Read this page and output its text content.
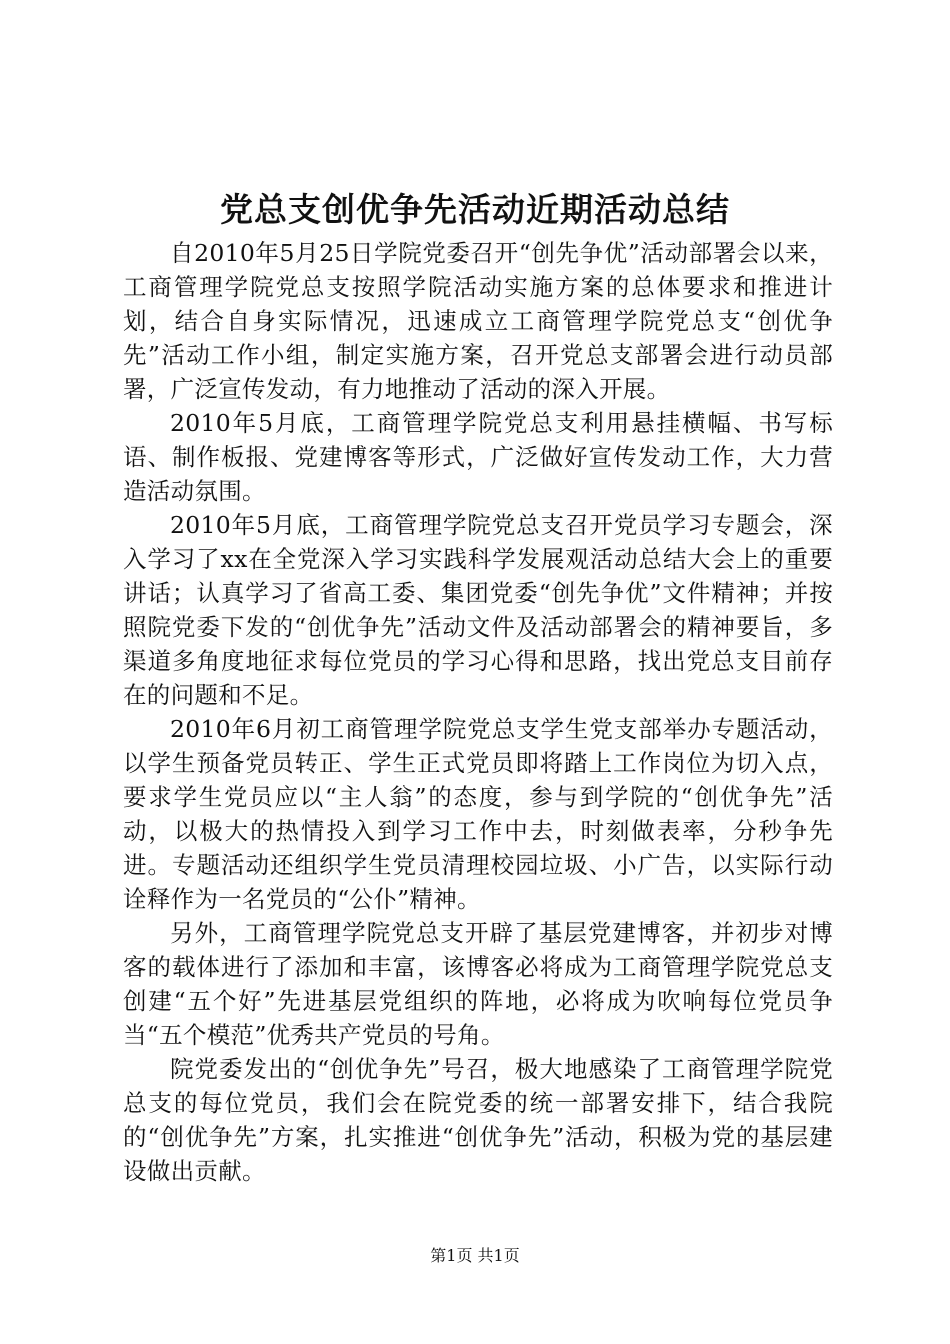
党总支创优争先活动近期活动总结

自2010年5月25日学院党委召开“创先争优”活动部署会以来，工商管理学院党总支按照学院活动实施方案的总体要求和推进计划，结合自身实际情况，迅速成立工商管理学院党总支“创优争先”活动工作小组，制定实施方案，召开党总支部署会进行动员部署，广泛宣传发动，有力地推动了活动的深入开展。

2010年5月底，工商管理学院党总支利用悬挂横幅、书写标语、制作板报、党建博客等形式，广泛做好宣传发动工作，大力营造活动氛围。

2010年5月底，工商管理学院党总支召开党员学习专题会，深入学习了xx在全党深入学习实践科学发展观活动总结大会上的重要讲话；认真学习了省高工委、集团党委“创先争优”文件精神；并按照院党委下发的“创优争先”活动文件及活动部署会的精神要旨，多渠道多角度地征求每位党员的学习心得和思路，找出党总支目前存在的问题和不足。

2010年6月初工商管理学院党总支学生党支部举办专题活动，以学生预备党员转正、学生正式党员即将踏上工作岗位为切入点，要求学生党员应以“主人翁”的态度，参与到学院的“创优争先”活动，以极大的热情投入到学习工作中去，时刻做表率，分秒争先进。专题活动还组织学生党员清理校园垃圾、小广告，以实际行动诠释作为一名党员的“公仆”精神。

另外，工商管理学院党总支开辟了基层党建博客，并初步对博客的载体进行了添加和丰富，该博客必将成为工商管理学院党总支创建“五个好”先进基层党组织的阵地，必将成为吹响每位党员争当“五个模范”优秀共产党员的号角。

院党委发出的“创优争先”号召，极大地感染了工商管理学院党总支的每位党员，我们会在院党委的统一部署安排下，结合我院的“创优争先”方案，扎实推进“创优争先”活动，积极为党的基层建设做出贡献。

第1页 共1页
